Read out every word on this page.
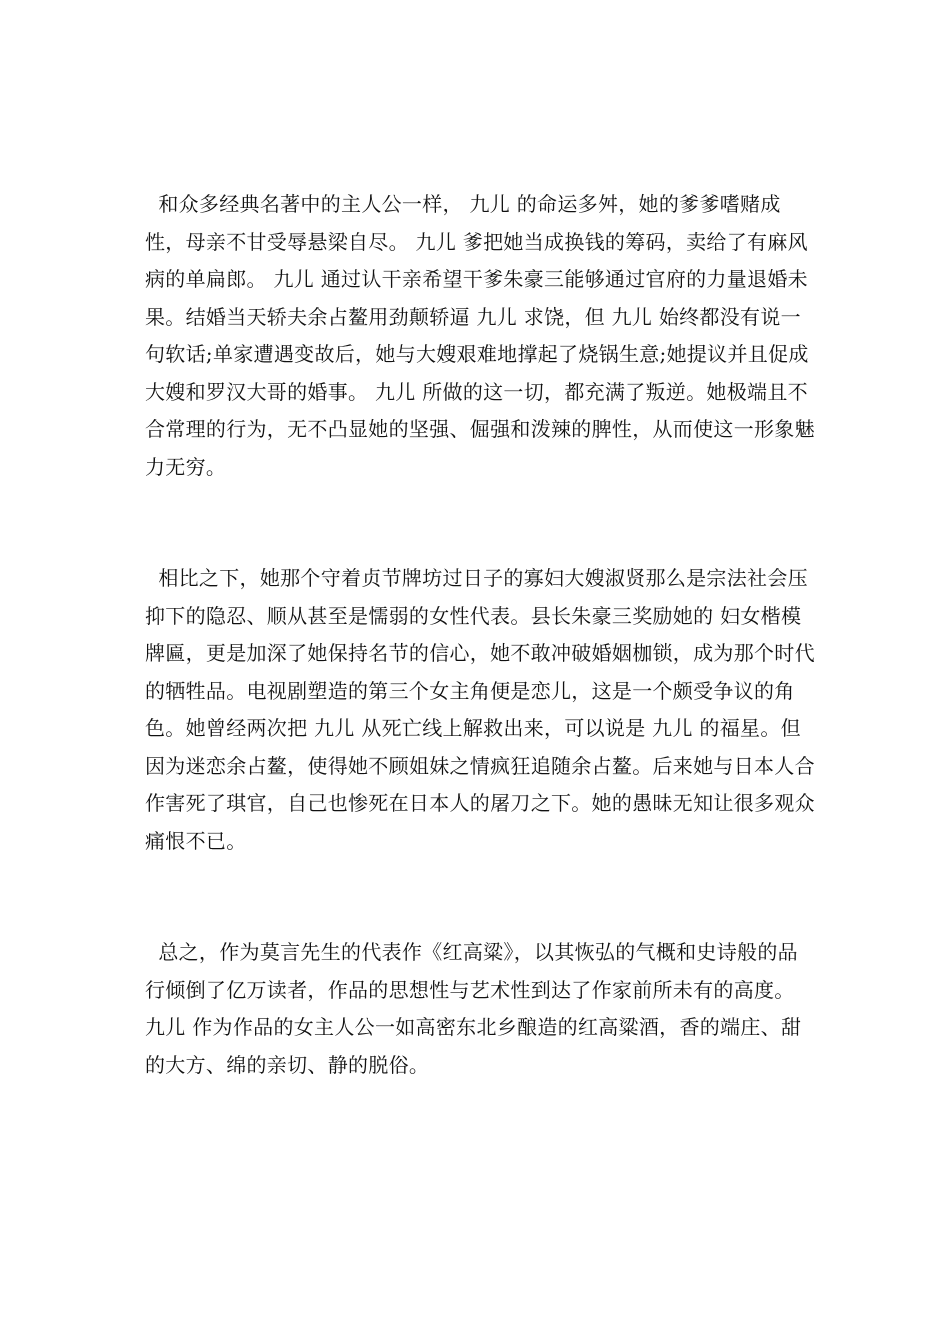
和众多经典名著中的主人公一样， 九儿 的命运多舛，她的爹爹嗜赌成性，母亲不甘受辱悬梁自尽。 九儿 爹把她当成换钱的筹码，卖给了有麻风病的单扁郎。 九儿 通过认干亲希望干爹朱豪三能够通过官府的力量退婚未果。结婚当天轿夫余占鳌用劲颠轿逼 九儿 求饶，但 九儿 始终都没有说一句软话;单家遭遇变故后，她与大嫂艰难地撑起了烧锅生意;她提议并且促成大嫂和罗汉大哥的婚事。 九儿 所做的这一切，都充满了叛逆。她极端且不合常理的行为，无不凸显她的坚强、倔强和泼辣的脾性，从而使这一形象魅力无穷。

相比之下，她那个守着贞节牌坊过日子的寡妇大嫂淑贤那么是宗法社会压抑下的隐忍、顺从甚至是懦弱的女性代表。县长朱豪三奖励她的 妇女楷模 牌匾，更是加深了她保持名节的信心，她不敢冲破婚姻枷锁，成为那个时代的牺牲品。电视剧塑造的第三个女主角便是恋儿，这是一个颇受争议的角色。她曾经两次把 九儿 从死亡线上解救出来，可以说是 九儿 的福星。但因为迷恋余占鳌，使得她不顾姐妹之情疯狂追随余占鳌。后来她与日本人合作害死了琪官，自己也惨死在日本人的屠刀之下。她的愚昧无知让很多观众痛恨不已。

总之，作为莫言先生的代表作《红高粱》，以其恢弘的气概和史诗般的品行倾倒了亿万读者，作品的思想性与艺术性到达了作家前所未有的高度。 九儿 作为作品的女主人公一如高密东北乡酿造的红高粱酒，香的端庄、甜的大方、绵的亲切、静的脱俗。
